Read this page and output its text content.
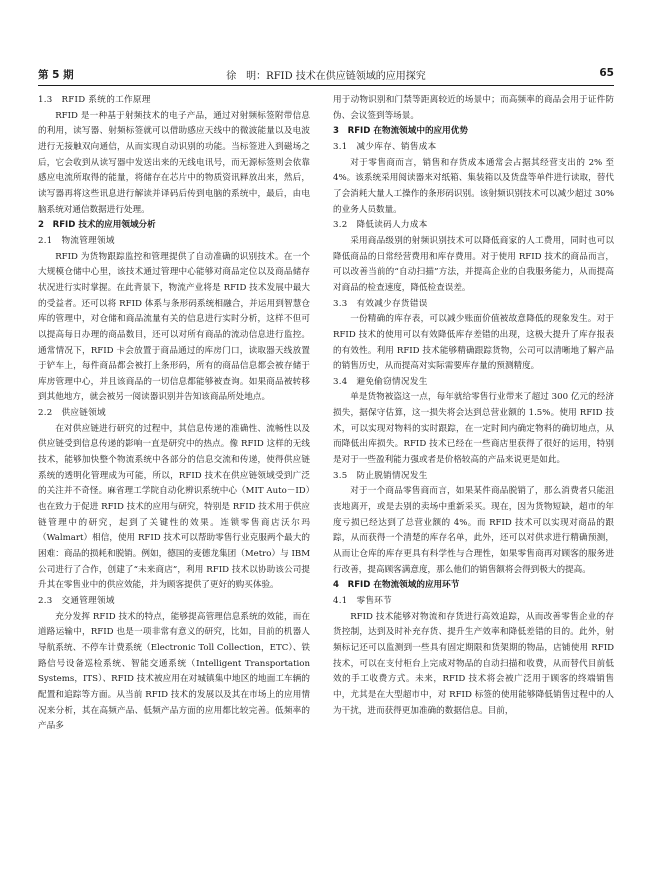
第 5 期	徐　明：RFID 技术在供应链领域的应用探究	65
1.3　RFID 系统的工作原理

RFID 是一种基于射频技术的电子产品，通过对射频标签附带信息的利用，读写器、射频标签就可以借助感应天线中的微波能量以及电波进行无接触双向通信，从而实现自动识别的功能。当标签进入到磁场之后，它会收到从读写器中发送出来的无线电讯号，而无源标签则会依靠感应电流所取得的能量，将储存在芯片中的物质资讯释放出来，然后，读写器再将这些讯息进行解读并译码后传到电脑的系统中，最后，由电脑系统对通信数据进行处理。

2　RFID 技术的应用领域分析
2.1　物流管理领域

RFID 为货物跟踪监控和管理提供了自动准确的识别技术。在一个大规模仓储中心里，该技术通过管理中心能够对商品定位以及商品储存状况进行实时掌握。在此背景下，物流产业将是 RFID 技术发展中最大的受益者。还可以将 RFID 体系与条形码系统相融合，并运用到智慧仓库的管理中，对仓储和商品流量有关的信息进行实时分析，这样不但可以提高每日办理的商品数目，还可以对所有商品的流动信息进行监控。通常情况下，RFID 卡会放置于商品通过的库房门口，读取器天线放置于铲车上，每件商品都会被打上条形码，所有的商品信息都会被存储于库房管理中心，并且该商品的一切信息都能够被查询。如果商品被转移到其他地方，就会被另一阅读器识别并告知该商品所处地点。

2.2　供应链领域

在对供应链进行研究的过程中，其信息传递的准确性、流畅性以及供应链受到信息传递的影响一直是研究中的热点。像 RFID 这样的无线技术，能够加快整个物流系统中各部分的信息交流和传递，使得供应链系统的透明化管理成为可能，所以，RFID 技术在供应链领域受到广泛的关注并不奇怪。麻省理工学院自动化辨识系统中心（MIT Auto－ID）也在致力于促进 RFID 技术的应用与研究，特别是 RFID 技术用于供应链管理中的研究，起到了关键性的效果。连锁零售商店沃尔玛（Walmart）相信，使用 RFID 技术可以帮助零售行业克服两个最大的困难：商品的损耗和脱销。例如，德国的麦德龙集团（Metro）与 IBM 公司进行了合作，创建了“未来商店”，利用 RFID 技术以协助该公司提升其在零售业中的供应效能，并为顾客提供了更好的购买体验。

2.3　交通管理领域

充分发挥 RFID 技术的特点，能够提高管理信息系统的效能，而在道路运输中，RFID 也是一项非常有意义的研究，比如，目前的机器人导航系统、不停车计费系统（Electronic Toll Collection，ETC）、铁路信号设备巡检系统、智能交通系统（Intelligent Transportation Systems，ITS）、RFID 技术被应用在对城镇集中地区的地面工车辆的配置和追踪等方面。从当前 RFID 技术的发展以及其在市场上的应用情况来分析，其在高频产品、低频产品方面的应用都比较完善。低频率的产品多

用于动物识别和门禁等距离较近的场景中；而高频率的商品会用于证件防伪、会议签到等场景。

3　RFID 在物流领域中的应用优势
3.1　减少库存、销售成本

对于零售商而言，销售和存货成本通常会占据其经营支出的 2% 至 4%。该系统采用阅读器来对纸箱、集装箱以及货盘等单件进行读取，替代了会消耗大量人工操作的条形码识别。该射频识别技术可以减少超过 30% 的业务人员数量。

3.2　降低读码人力成本

采用商品级别的射频识别技术可以降低商家的人工费用，同时也可以降低商品的日常经营费用和库存费用。对于使用 RFID 技术的商品而言，可以改善当前的“自动扫描”方法，并提高企业的自我服务能力，从而提高对商品的检查速度，降低检查误差。

3.3　有效减少存货错误

一份精确的库存表，可以减少账面价值被故意降低的现象发生。对于 RFID 技术的使用可以有效降低库存差错的出现，这极大提升了库存报表的有效性。利用 RFID 技术能够精确跟踪货物，公司可以清晰地了解产品的销售历史，从而提高对实际需要库存量的预测精度。

3.4　避免偷窃情况发生

单是货物被盗这一点，每年就给零售行业带来了超过 300 亿元的经济损失，据保守估算，这一损失将会达到总营业额的 1.5%。使用 RFID 技术，可以实现对物料的实时跟踪，在一定时间内确定物料的确切地点，从而降低出库损失。RFID 技术已经在一些商店里获得了很好的运用，特别是对于一些盈利能力强或者是价格较高的产品来说更是如此。

3.5　防止脱销情况发生

对于一个商品零售商而言，如果某件商品脱销了，那么消费者只能沮丧地离开，或是去别的卖场中重新采买。现在，因为货物短缺，超市的年度亏损已经达到了总营业额的 4%。而 RFID 技术可以实现对商品的跟踪，从而获得一个清楚的库存名单，此外，还可以对供求进行精确预测，从而让仓库的库存更具有科学性与合理性，如果零售商再对顾客的服务进行改善，提高顾客满意度，那么他们的销售额将会得到极大的提高。

4　RFID 在物流领域的应用环节
4.1　零售环节

RFID 技术能够对物流和存货进行高效追踪，从而改善零售企业的存货控制，达到及时补充存货、提升生产效率和降低差错的目的。此外，射频标记还可以监测到一些具有固定期限和货架期的物品，店铺使用 RFID 技术，可以在支付柜台上完成对物品的自动扫描和收费，从而替代目前低效的手工收费方式。未来，RFID 技术将会被广泛用于顾客的终端销售中，尤其是在大型超市中，对 RFID 标签的使用能够降低销售过程中的人为干扰，进而获得更加准确的数据信息。目前，
